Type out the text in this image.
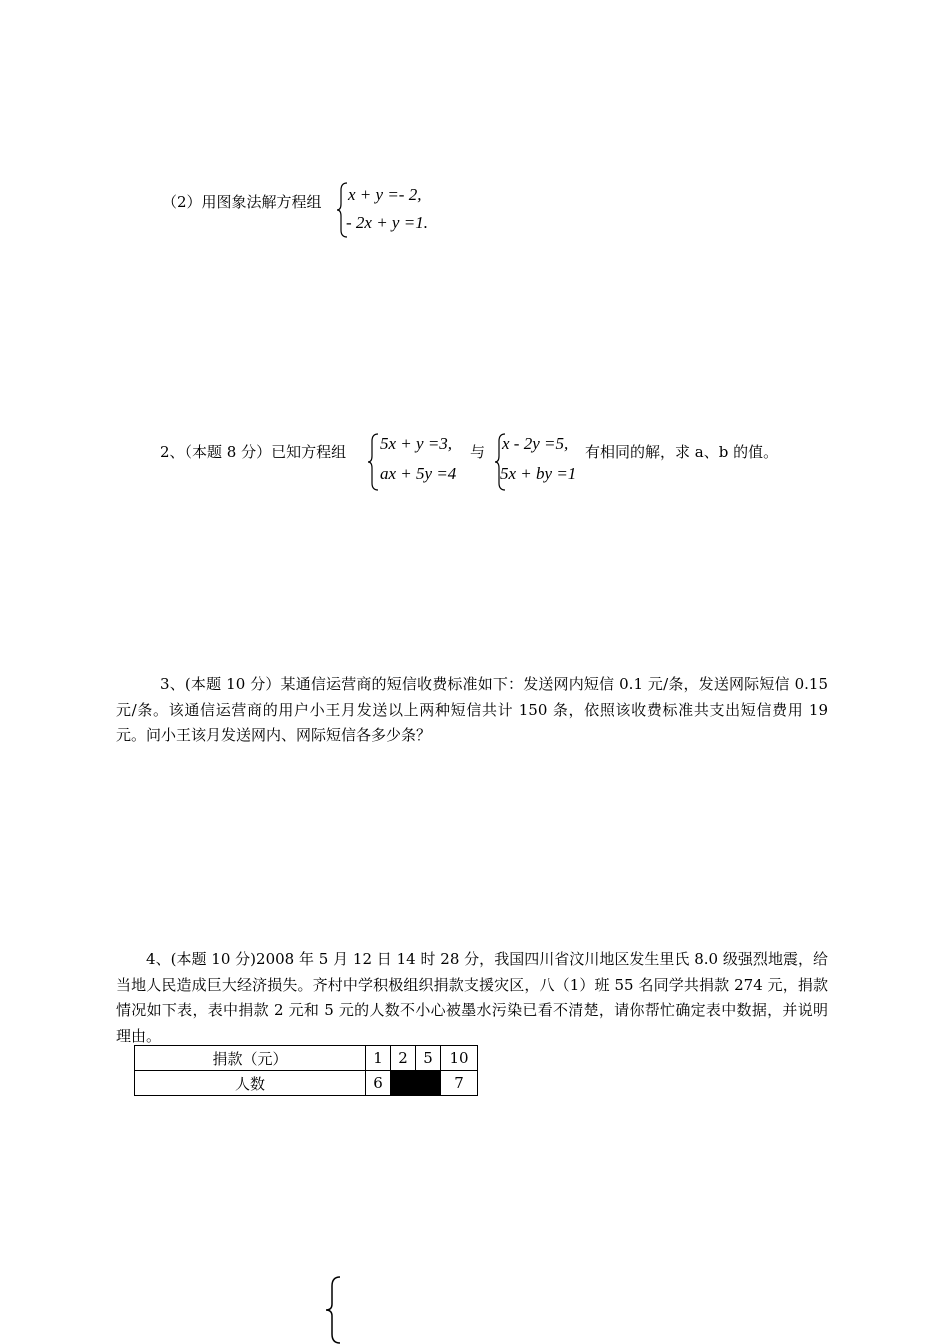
（2）用图象法解方程组 x + y =- 2,
- 2x + y =1.
2、（本题 8 分）已知方程组 5x + y =3,
ax + 5y =4
与 x - 2y =5,
5x + by =1
有相同的解，求 a、b 的值。
3、(本题 10 分）某通信运营商的短信收费标准如下：发送网内短信 0.1 元/条，发送网际短信 0.15 元/条。该通信运营商的用户小王月发送以上两种短信共计 150 条，依照该收费标准共支出短信费用 19 元。问小王该月发送网内、网际短信各多少条？
4、(本题 10 分)2008 年 5 月 12 日 14 时 28 分，我国四川省汶川地区发生里氏 8.0 级强烈地震，给当地人民造成巨大经济损失。齐村中学积极组织捐款支援灾区，八（1）班 55 名同学共捐款 274 元，捐款情况如下表，表中捐款 2 元和 5 元的人数不小心被墨水污染已看不清楚，请你帮忙确定表中数据，并说明理由。
捐款（元）	1	2	5	10
人数	6			7
